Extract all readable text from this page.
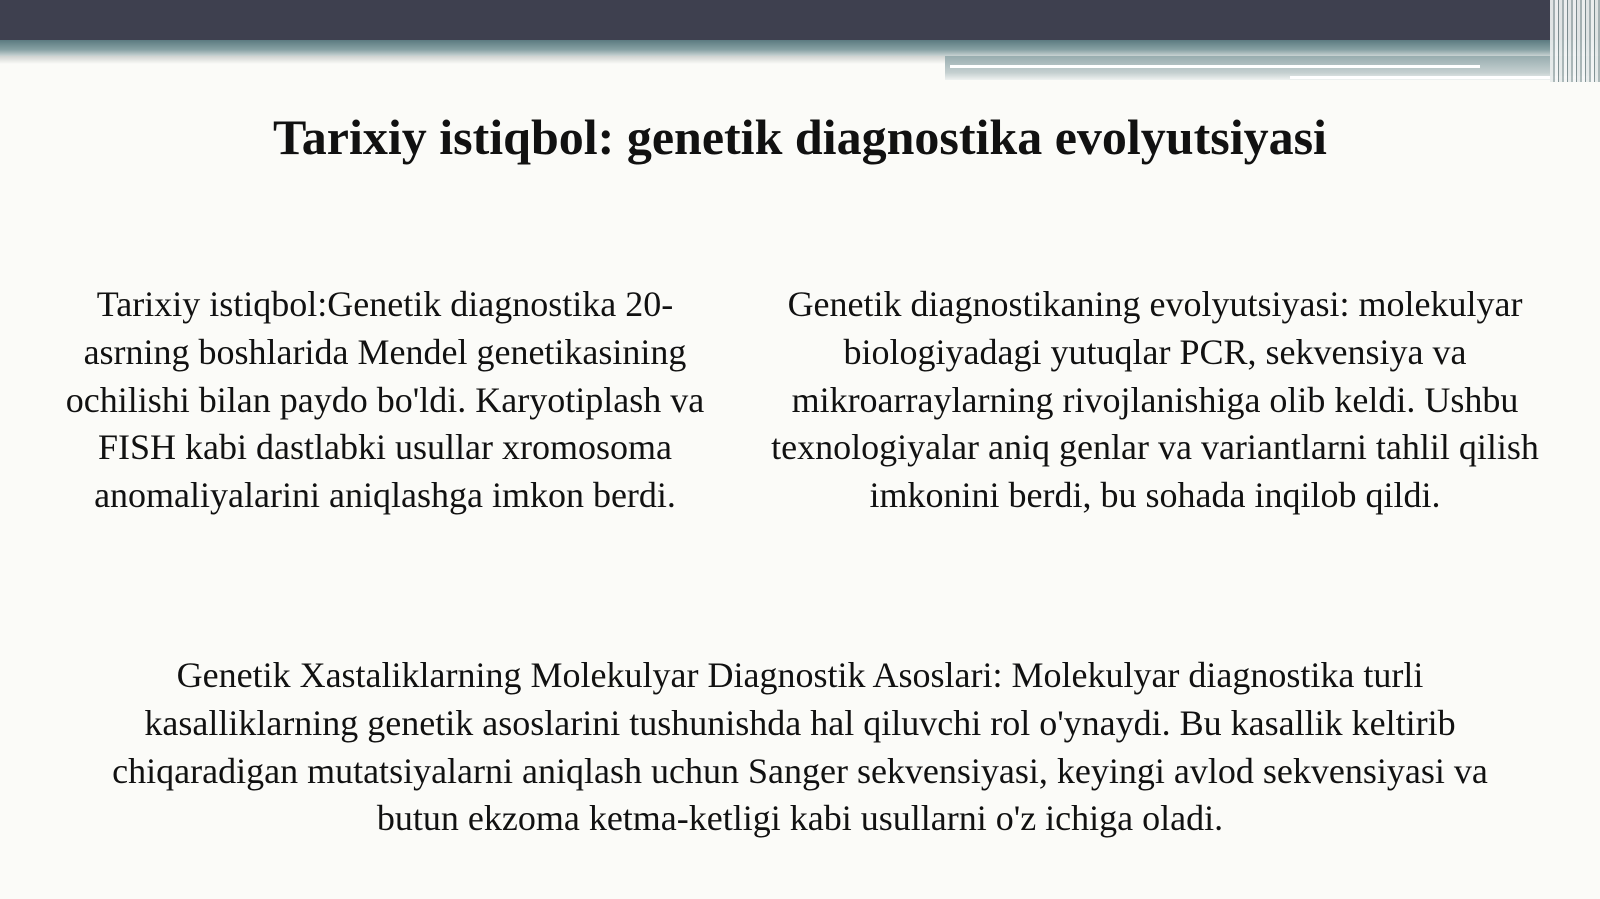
Tarixiy istiqbol: genetik diagnostika evolyutsiyasi
Tarixiy istiqbol:Genetik diagnostika 20-asrning boshlarida Mendel genetikasining ochilishi bilan paydo bo'ldi. Karyotiplash va FISH kabi dastlabki usullar xromosoma anomaliyalarini aniqlashga imkon berdi.
Genetik diagnostikaning evolyutsiyasi: molekulyar biologiyadagi yutuqlar PCR, sekvensiya va mikroarraylarning rivojlanishiga olib keldi. Ushbu texnologiyalar aniq genlar va variantlarni tahlil qilish imkonini berdi, bu sohada inqilob qildi.
Genetik Xastaliklarning Molekulyar Diagnostik Asoslari: Molekulyar diagnostika turli kasalliklarning genetik asoslarini tushunishda hal qiluvchi rol o'ynaydi. Bu kasallik keltirib chiqaradigan mutatsiyalarni aniqlash uchun Sanger sekvensiyasi, keyingi avlod sekvensiyasi va butun ekzoma ketma-ketligi kabi usullarni o'z ichiga oladi.
